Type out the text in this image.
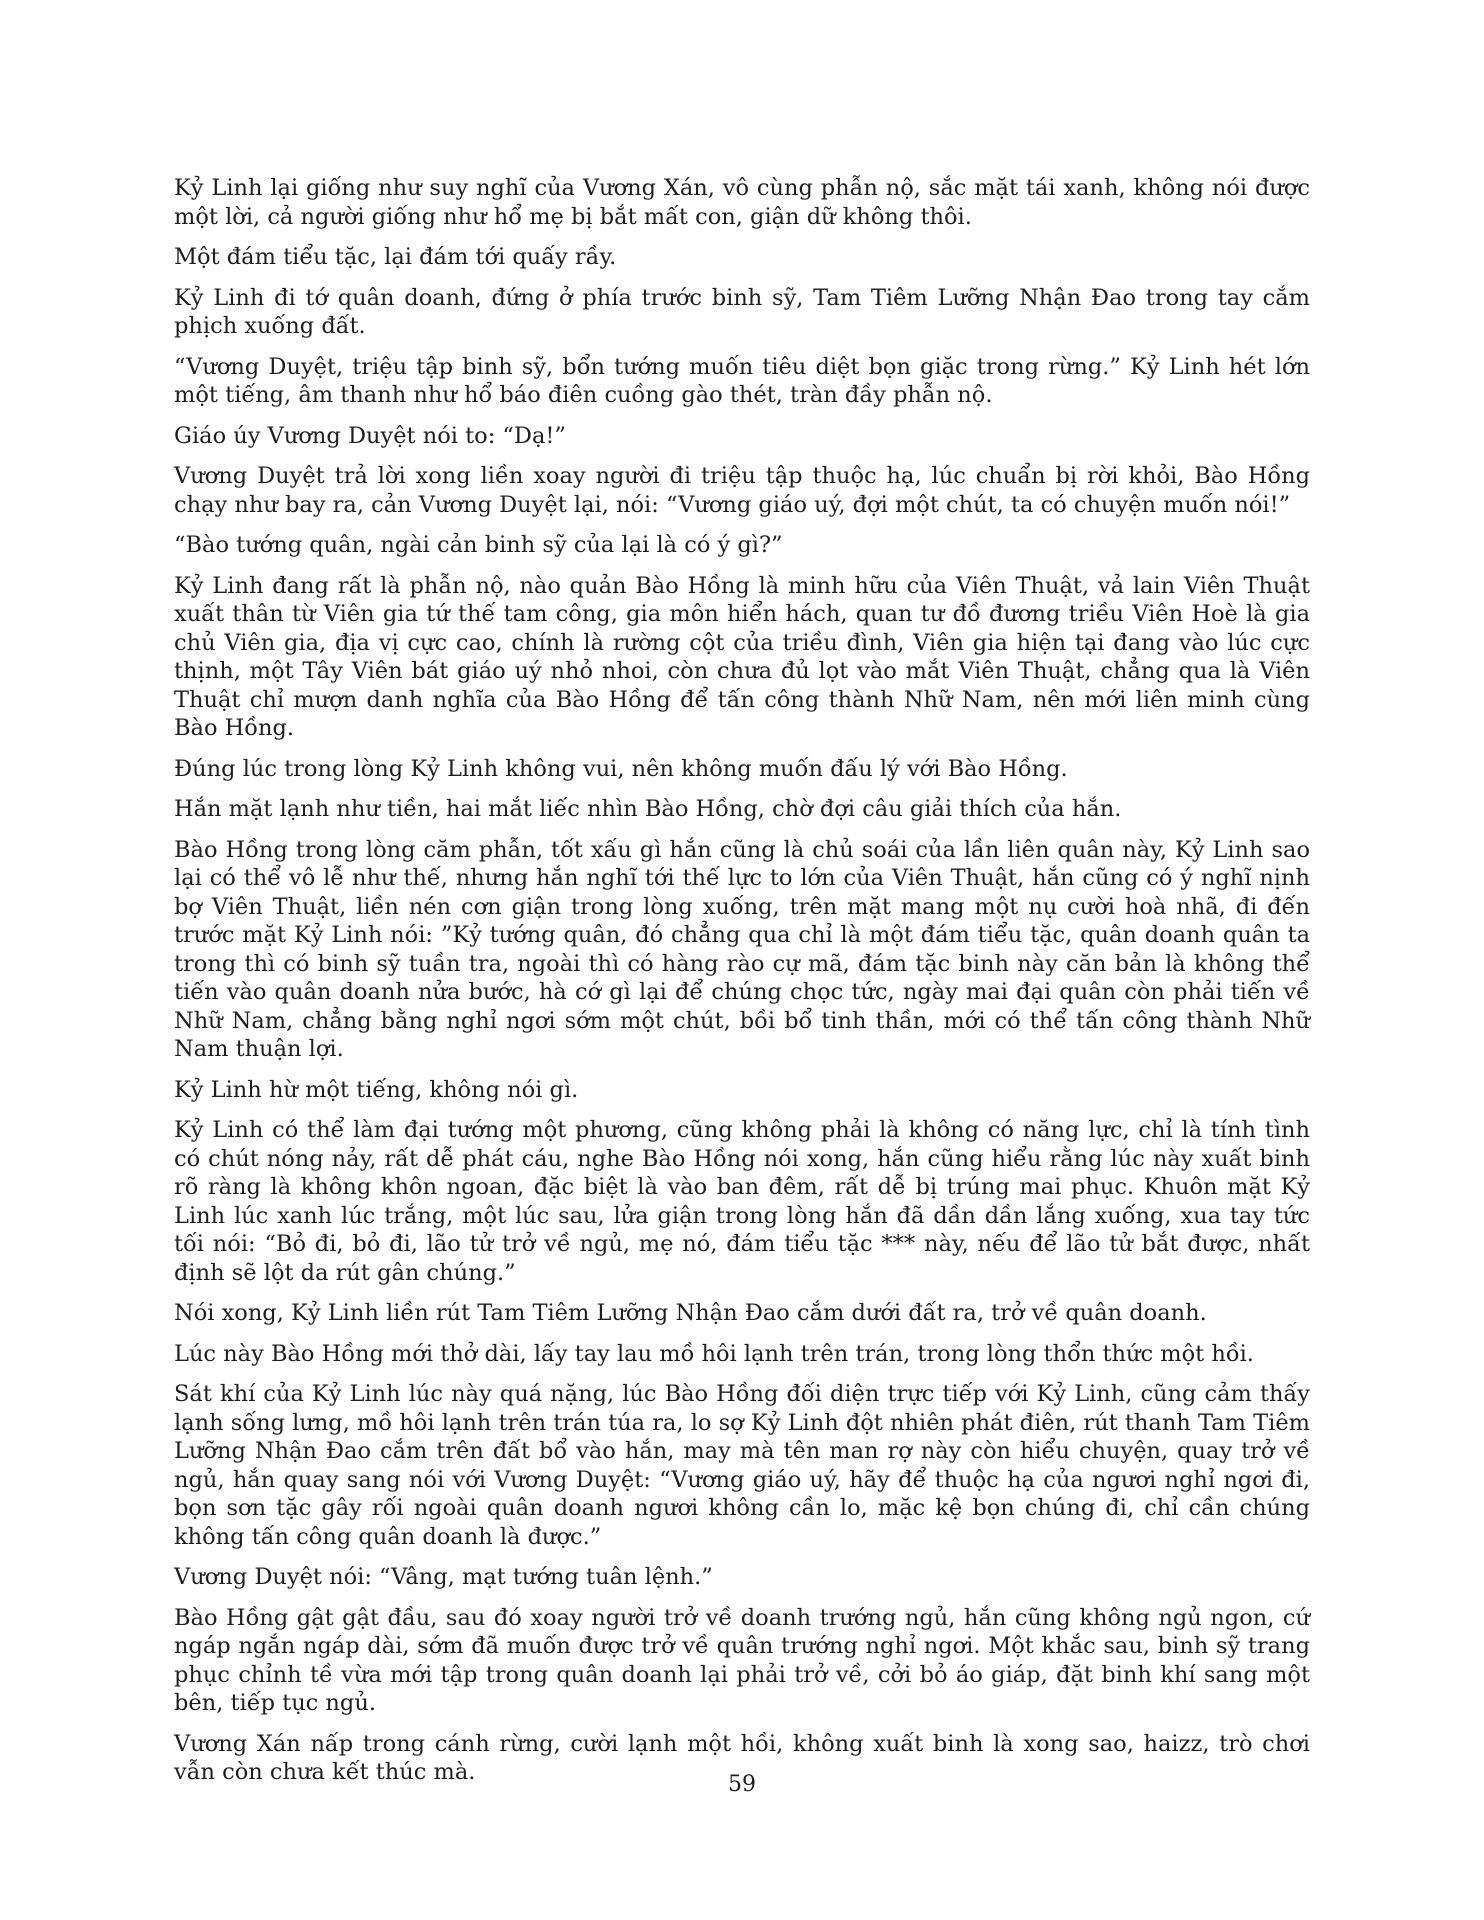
Kỷ Linh lại giống như suy nghĩ của Vương Xán, vô cùng phẫn nộ, sắc mặt tái xanh, không nói được một lời, cả người giống như hổ mẹ bị bắt mất con, giận dữ không thôi.

Một đám tiểu tặc, lại đám tới quấy rầy.

Kỷ Linh đi tớ quân doanh, đứng ở phía trước binh sỹ, Tam Tiêm Lưỡng Nhận Đao trong tay cắm phịch xuống đất.

“Vương Duyệt, triệu tập binh sỹ, bổn tướng muốn tiêu diệt bọn giặc trong rừng.” Kỷ Linh hét lớn một tiếng, âm thanh như hổ báo điên cuồng gào thét, tràn đầy phẫn nộ.

Giáo úy Vương Duyệt nói to: “Dạ!”

Vương Duyệt trả lời xong liền xoay người đi triệu tập thuộc hạ, lúc chuẩn bị rời khỏi, Bào Hồng chạy như bay ra, cản Vương Duyệt lại, nói: “Vương giáo uý, đợi một chút, ta có chuyện muốn nói!”

“Bào tướng quân, ngài cản binh sỹ của lại là có ý gì?”

Kỷ Linh đang rất là phẫn nộ, nào quản Bào Hồng là minh hữu của Viên Thuật, vả lain Viên Thuật xuất thân từ Viên gia tứ thế tam công, gia môn hiển hách, quan tư đồ đương triều Viên Hoè là gia chủ Viên gia, địa vị cực cao, chính là rường cột của triều đình, Viên gia hiện tại đang vào lúc cực thịnh, một Tây Viên bát giáo uý nhỏ nhoi, còn chưa đủ lọt vào mắt Viên Thuật, chẳng qua là Viên Thuật chỉ mượn danh nghĩa của Bào Hồng để tấn công thành Nhữ Nam, nên mới liên minh cùng Bào Hồng.

Đúng lúc trong lòng Kỷ Linh không vui, nên không muốn đấu lý với Bào Hồng.

Hắn mặt lạnh như tiền, hai mắt liếc nhìn Bào Hồng, chờ đợi câu giải thích của hắn.

Bào Hồng trong lòng căm phẫn, tốt xấu gì hắn cũng là chủ soái của lần liên quân này, Kỷ Linh sao lại có thể vô lễ như thế, nhưng hắn nghĩ tới thế lực to lớn của Viên Thuật, hắn cũng có ý nghĩ nịnh bợ Viên Thuật, liền nén cơn giận trong lòng xuống, trên mặt mang một nụ cười hoà nhã, đi đến trước mặt Kỷ Linh nói: ”Kỷ tướng quân, đó chẳng qua chỉ là một đám tiểu tặc, quân doanh quân ta trong thì có binh sỹ tuần tra, ngoài thì có hàng rào cự mã, đám tặc binh này căn bản là không thể tiến vào quân doanh nửa bước, hà cớ gì lại để chúng chọc tức, ngày mai đại quân còn phải tiến về Nhữ Nam, chẳng bằng nghỉ ngơi sớm một chút, bồi bổ tinh thần, mới có thể tấn công thành Nhữ Nam thuận lợi.

Kỷ Linh hừ một tiếng, không nói gì.

Kỷ Linh có thể làm đại tướng một phương, cũng không phải là không có năng lực, chỉ là tính tình có chút nóng nảy, rất dễ phát cáu, nghe Bào Hồng nói xong, hắn cũng hiểu rằng lúc này xuất binh rõ ràng là không khôn ngoan, đặc biệt là vào ban đêm, rất dễ bị trúng mai phục. Khuôn mặt Kỷ Linh lúc xanh lúc trắng, một lúc sau, lửa giận trong lòng hắn đã dần dần lắng xuống, xua tay tức tối nói: “Bỏ đi, bỏ đi, lão tử trở về ngủ, mẹ nó, đám tiểu tặc *** này, nếu để lão tử bắt được, nhất định sẽ lột da rút gân chúng.”

Nói xong, Kỷ Linh liền rút Tam Tiêm Lưỡng Nhận Đao cắm dưới đất ra, trở về quân doanh.

Lúc này Bào Hồng mới thở dài, lấy tay lau mồ hôi lạnh trên trán, trong lòng thổn thức một hồi.

Sát khí của Kỷ Linh lúc này quá nặng, lúc Bào Hồng đối diện trực tiếp với Kỷ Linh, cũng cảm thấy lạnh sống lưng, mồ hôi lạnh trên trán túa ra, lo sợ Kỷ Linh đột nhiên phát điên, rút thanh Tam Tiêm Lưỡng Nhận Đao cắm trên đất bổ vào hắn, may mà tên man rợ này còn hiểu chuyện, quay trở về ngủ, hắn quay sang nói với Vương Duyệt: “Vương giáo uý, hãy để thuộc hạ của ngươi nghỉ ngơi đi, bọn sơn tặc gây rối ngoài quân doanh ngươi không cần lo, mặc kệ bọn chúng đi, chỉ cần chúng không tấn công quân doanh là được.”

Vương Duyệt nói: “Vâng, mạt tướng tuân lệnh.”

Bào Hồng gật gật đầu, sau đó xoay người trở về doanh trướng ngủ, hắn cũng không ngủ ngon, cứ ngáp ngắn ngáp dài, sớm đã muốn được trở về quân trướng nghỉ ngơi. Một khắc sau, binh sỹ trang phục chỉnh tề vừa mới tập trong quân doanh lại phải trở về, cởi bỏ áo giáp, đặt binh khí sang một bên, tiếp tục ngủ.

Vương Xán nấp trong cánh rừng, cười lạnh một hồi, không xuất binh là xong sao, haizz, trò chơi vẫn còn chưa kết thúc mà.	59
